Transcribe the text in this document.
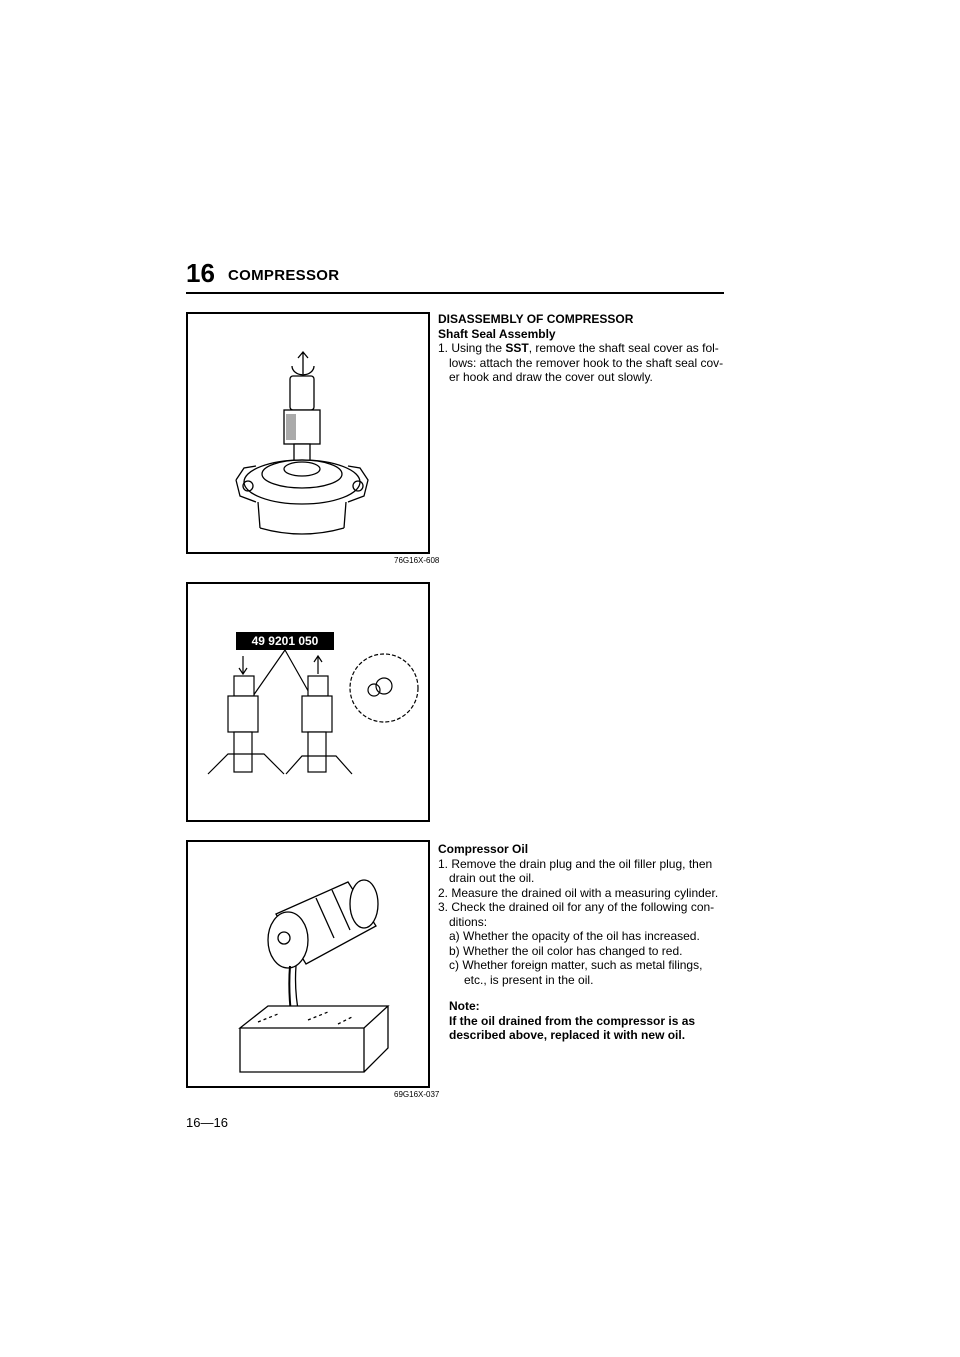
16 COMPRESSOR
76G16X-608
49 9201 050
69G16X-037
DISASSEMBLY OF COMPRESSOR
Shaft Seal Assembly
1. Using the SST, remove the shaft seal cover as fol-
lows: attach the remover hook to the shaft seal cov-
er hook and draw the cover out slowly.
Compressor Oil
1. Remove the drain plug and the oil filler plug, then
drain out the oil.
2. Measure the drained oil with a measuring cylinder.
3. Check the drained oil for any of the following con-
ditions:
a) Whether the opacity of the oil has increased.
b) Whether the oil color has changed to red.
c) Whether foreign matter, such as metal filings,
etc., is present in the oil.
Note:
If the oil drained from the compressor is as
described above, replaced it with new oil.
16—16
